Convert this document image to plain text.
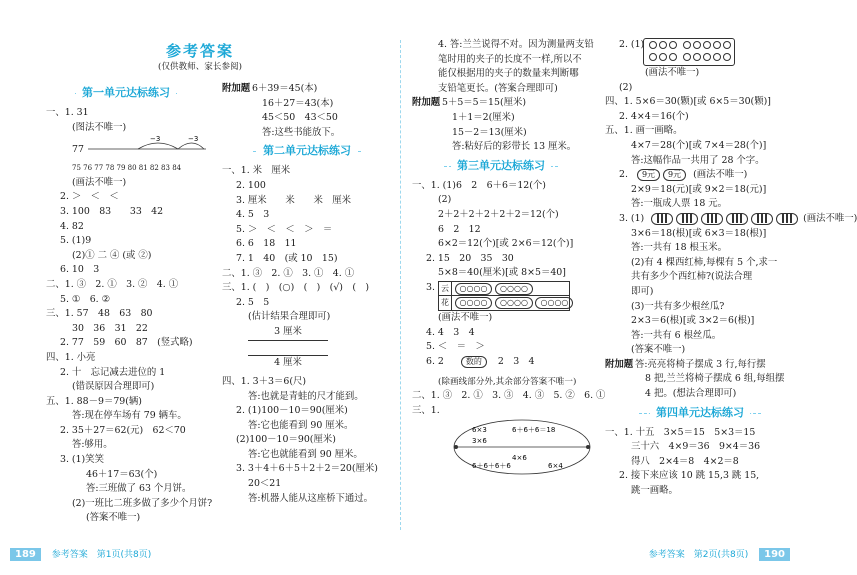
参考答案
(仅供教师、家长参阅)
第一单元达标练习
一、1. 31
(图法不唯一)
77
−3	−3
75 76 77 78 79 80 81 82 83 84
(画法不唯一)
2. ＞　＜　＜
3. 100　83　　33　42
4. 82
5. (1)9
(2)① 二 ④ (或 ②)
6. 10　3
二、1. ③　2. ①　3. ②　4. ①
5. ①　6. ②
三、1. 57　48　63　80
30　36　31　22
2. 77　59　60　87　(竖式略)
四、1. 小亮
2. 十　忘记减去进位的 1
(错误原因合理即可)
五、1. 88－9＝79(辆)
答:现在停车场有 79 辆车。
2. 35＋27＝62(元)　62＜70
答:够用。
3. (1)笑笑
46＋17＝63(个)
答:三班做了 63 个月饼。
(2)一班比二班多做了多少个月饼?
(答案不唯一)
附加题 6＋39＝45(本)
16＋27＝43(本)
45＜50　43＜50
答:这些书能放下。
第二单元达标练习
一、1. 米　厘米
2. 100
3. 厘米　　米　　米　厘米
4. 5　3
5. ＞　＜　＜　＞　＝
6. 6　18　11
7. 1　40　(或 10　15)
二、1. ③　2. ①　3. ①　4. ①
三、1. (　)　(○)　(　)　(√)　(　)
2. 5　5
(估计结果合理即可)
3 厘米
4 厘米
四、1. 3＋3＝6(尺)
答:也就是青蛙的尺才能到。
2. (1)100－10＝90(厘米)
答:它也能看到 90 厘米。
(2)100－10＝90(厘米)
答:它也就能看到 90 厘米。
3. 3＋4＋6＋5＋2＋2＝20(厘米)
20＜21
答:机器人能从这座桥下通过。
189 参考答案　第1页(共8页)
4. 答:兰兰说得不对。因为测量两支铅
笔时用的夹子的长度不一样,所以不
能仅根据用的夹子的数量来判断哪
支铅笔更长。(答案合理即可)
附加题 5＋5＝5＝15(厘米)
1＋1＝2(厘米)
15－2＝13(厘米)
答:粘好后的彩带长 13 厘米。
第三单元达标练习
一、1. (1)6　2　6＋6＝12(个)
(2)
2＋2＋2＋2＋2＋2＝12(个)
6　2　12
6×2＝12(个)[或 2×6＝12(个)]
2. 15　20　35　30
5×8＝40(厘米)[或 8×5＝40]
3. 云 ○○○○ ○○○○
花 ○○○○ ○○○○ ○○○○
(画法不唯一)
4. 4　3　4
5. ＜　＝　＞
6. 2	数的 2　3　4
(除画线部分外,其余部分答案不唯一)
二、1. ③　2. ①　3. ③　4. ③　5. ②　6. ①
三、1.
6×3	6＋6＋6＝18
3×6
4×6
6＋6＋6＋6	6×4
2. (1)

(画法不唯一)
(2)
四、1. 5×6＝30(颗)[或 6×5＝30(颗)]
2. 4×4＝16(个)
五、1. 画一画略。
4×7＝28(个)[或 7×4＝28(个)]
答:这幅作品一共用了 28 个字。
2. 9元 9元 (画法不唯一)
2×9＝18(元)[或 9×2＝18(元)]
答:一瓶成人票 18 元。
3. (1)	(画法不唯一)
3×6＝18(根)[或 6×3＝18(根)]
答:一共有 18 根玉米。
(2)有 4 棵西红柿,每棵有 5 个,求一
共有多少个西红柿?(说法合理
即可)
(3)一共有多少根丝瓜?
2×3＝6(根)[或 3×2＝6(根)]
答:一共有 6 根丝瓜。
(答案不唯一)
附加题 答:亮亮将椅子摆成 3 行,每行摆
8 把,兰兰将椅子摆成 6 组,每组摆
4 把。(想法合理即可)
第四单元达标练习
一、1. 十五　3×5＝15　5×3＝15
三十六　4×9＝36　9×4＝36
得八　2×4＝8　4×2＝8
2. 接下来应该 10 跳 15,3 跳 15,
跳一画略。
参考答案　第2页(共8页) 190
